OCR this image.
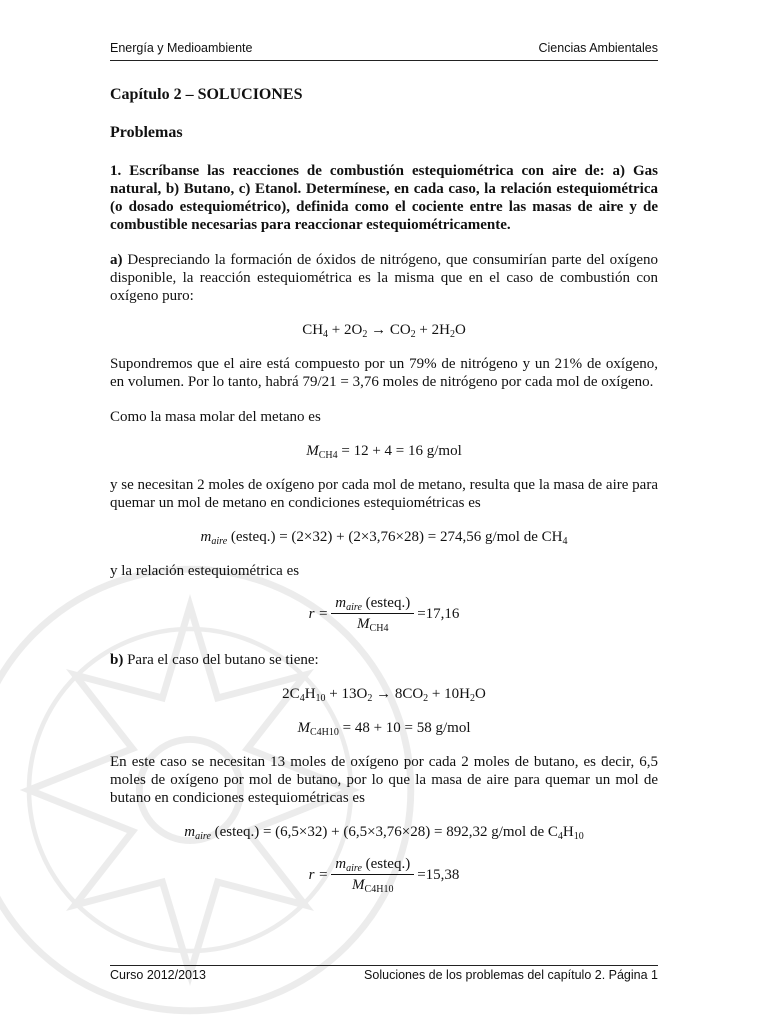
Energía y Medioambiente	Ciencias Ambientales
Capítulo 2 – SOLUCIONES
Problemas

1. Escríbanse las reacciones de combustión estequiométrica con aire de: a) Gas natural, b) Butano, c) Etanol. Determínese, en cada caso, la relación estequiométrica (o dosado estequiométrico), definida como el cociente entre las masas de aire y de combustible necesarias para reaccionar estequiométricamente.

a) Despreciando la formación de óxidos de nitrógeno, que consumirían parte del oxígeno disponible, la reacción estequiométrica es la misma que en el caso de combustión con oxígeno puro:

$CH_4 + 2O_2 \to CO_2 + 2H_2O$

Supondremos que el aire está compuesto por un 79% de nitrógeno y un 21% de oxígeno, en volumen. Por lo tanto, habrá 79/21 = 3,76 moles de nitrógeno por cada mol de oxígeno.

Como la masa molar del metano es

$M_{CH4} = 12 + 4 = 16$ g/mol

y se necesitan 2 moles de oxígeno por cada mol de metano, resulta que la masa de aire para quemar un mol de metano en condiciones estequiométricas es

$m_{aire}$ (esteq.) = (2×32) + (2×3,76×28) = 274,56 g/mol de $CH_4$

y la relación estequiométrica es

$r = \frac{m_{aire} (esteq.)}{M_{CH4}} =17,16$

b) Para el caso del butano se tiene:

$2C_4H_{10} + 13O_2 \to 8CO_2 + 10H_2O$
$M_{C4H10} = 48 + 10 = 58$ g/mol

En este caso se necesitan 13 moles de oxígeno por cada 2 moles de butano, es decir, 6,5 moles de oxígeno por mol de butano, por lo que la masa de aire para quemar un mol de butano en condiciones estequiométricas es

$m_{aire}$ (esteq.) = (6,5×32) + (6,5×3,76×28) = 892,32 g/mol de $C_4H_{10}$
$r = \frac{m_{aire} (esteq.)}{M_{C4H10}} =15,38$
Curso 2012/2013	Soluciones de los problemas del capítulo 2. Página 1
